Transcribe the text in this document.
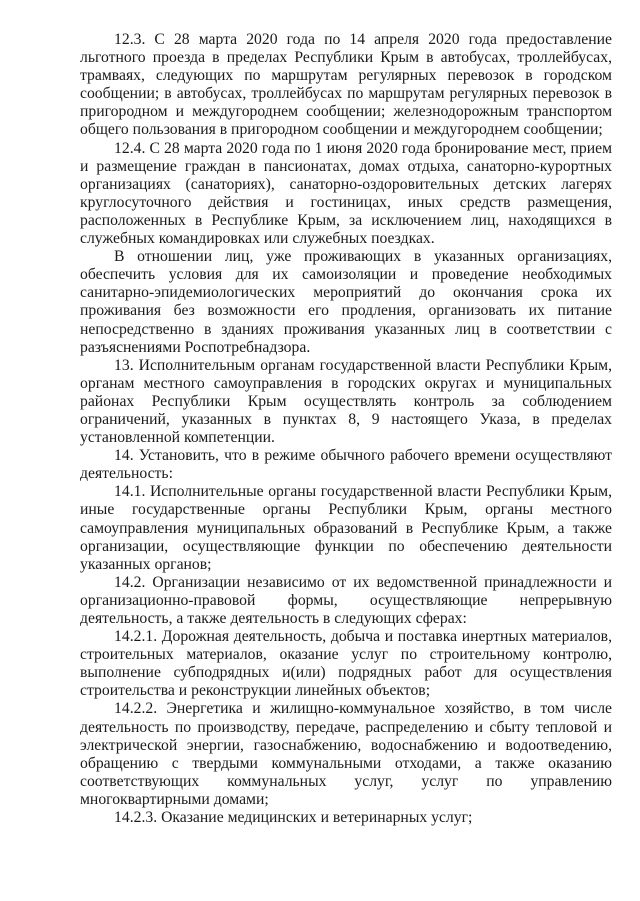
12.3. С 28 марта 2020 года по 14 апреля 2020 года предоставление льготного проезда в пределах Республики Крым в автобусах, троллейбусах, трамваях, следующих по маршрутам регулярных перевозок в городском сообщении; в автобусах, троллейбусах по маршрутам регулярных перевозок в пригородном и междугороднем сообщении; железнодорожным транспортом общего пользования в пригородном сообщении и междугороднем сообщении;

12.4. С 28 марта 2020 года по 1 июня 2020 года бронирование мест, прием и размещение граждан в пансионатах, домах отдыха, санаторно-курортных организациях (санаториях), санаторно-оздоровительных детских лагерях круглосуточного действия и гостиницах, иных средств размещения, расположенных в Республике Крым, за исключением лиц, находящихся в служебных командировках или служебных поездках.

В отношении лиц, уже проживающих в указанных организациях, обеспечить условия для их самоизоляции и проведение необходимых санитарно-эпидемиологических мероприятий до окончания срока их проживания без возможности его продления, организовать их питание непосредственно в зданиях проживания указанных лиц в соответствии с разъяснениями Роспотребнадзора.

13. Исполнительным органам государственной власти Республики Крым, органам местного самоуправления в городских округах и муниципальных районах Республики Крым осуществлять контроль за соблюдением ограничений, указанных в пунктах 8, 9 настоящего Указа, в пределах установленной компетенции.

14. Установить, что в режиме обычного рабочего времени осуществляют деятельность:

14.1. Исполнительные органы государственной власти Республики Крым, иные государственные органы Республики Крым, органы местного самоуправления муниципальных образований в Республике Крым, а также организации, осуществляющие функции по обеспечению деятельности указанных органов;

14.2. Организации независимо от их ведомственной принадлежности и организационно-правовой формы, осуществляющие непрерывную деятельность, а также деятельность в следующих сферах:

14.2.1. Дорожная деятельность, добыча и поставка инертных материалов, строительных материалов, оказание услуг по строительному контролю, выполнение субподрядных и(или) подрядных работ для осуществления строительства и реконструкции линейных объектов;

14.2.2. Энергетика и жилищно-коммунальное хозяйство, в том числе деятельность по производству, передаче, распределению и сбыту тепловой и электрической энергии, газоснабжению, водоснабжению и водоотведению, обращению с твердыми коммунальными отходами, а также оказанию соответствующих коммунальных услуг, услуг по управлению многоквартирными домами;

14.2.3. Оказание медицинских и ветеринарных услуг;
